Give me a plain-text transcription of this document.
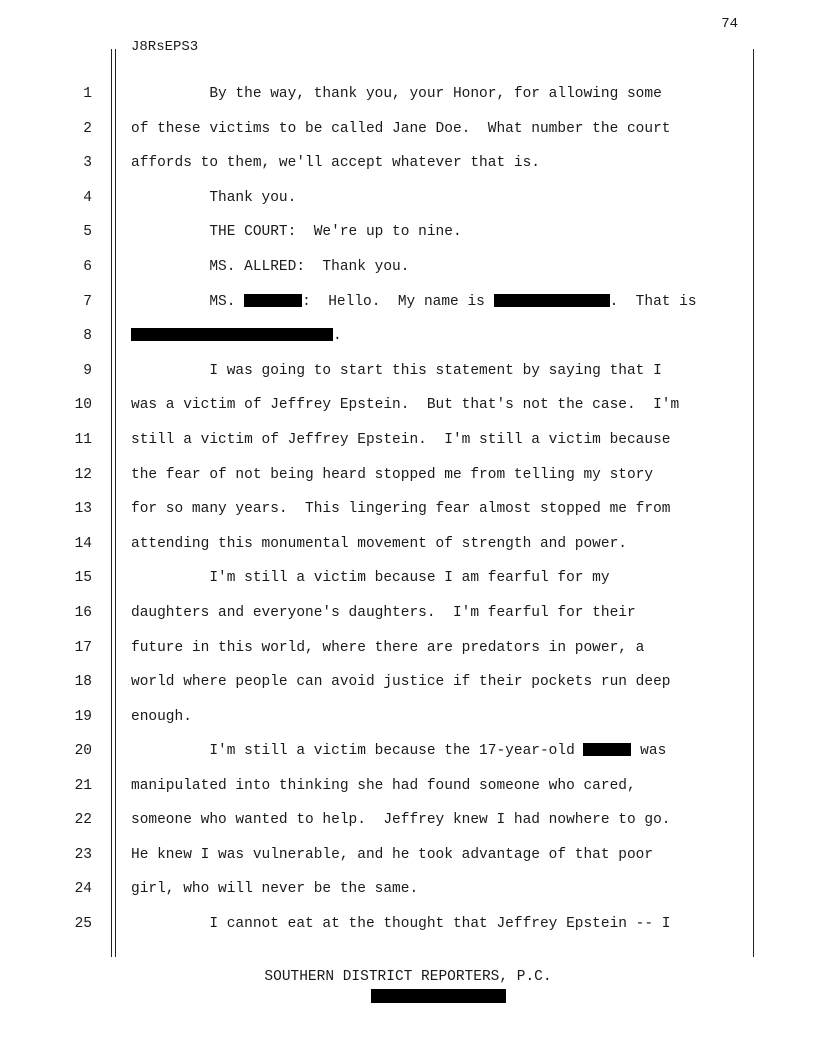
74
J8RsEPS3
1	By the way, thank you, your Honor, for allowing some
2	of these victims to be called Jane Doe.  What number the court
3	affords to them, we'll accept whatever that is.
4	Thank you.
5	THE COURT:  We're up to nine.
6	MS. ALLRED:  Thank you.
7	MS.	:  Hello.  My name is	.  That is
8	.
9	I was going to start this statement by saying that I
10	was a victim of Jeffrey Epstein.  But that's not the case.  I'm
11	still a victim of Jeffrey Epstein.  I'm still a victim because
12	the fear of not being heard stopped me from telling my story
13	for so many years.  This lingering fear almost stopped me from
14	attending this monumental movement of strength and power.
15	I'm still a victim because I am fearful for my
16	daughters and everyone's daughters.  I'm fearful for their
17	future in this world, where there are predators in power, a
18	world where people can avoid justice if their pockets run deep
19	enough.
20	I'm still a victim because the 17-year-old	was
21	manipulated into thinking she had found someone who cared,
22	someone who wanted to help.  Jeffrey knew I had nowhere to go.
23	He knew I was vulnerable, and he took advantage of that poor
24	girl, who will never be the same.
25	I cannot eat at the thought that Jeffrey Epstein -- I
SOUTHERN DISTRICT REPORTERS, P.C.
